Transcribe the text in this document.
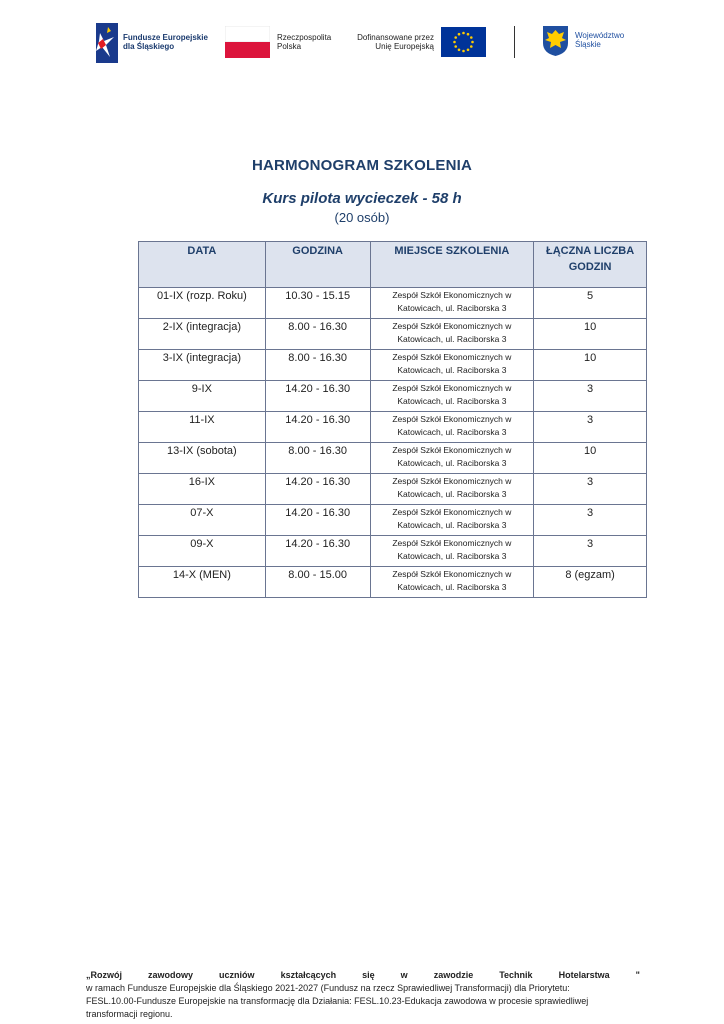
Fundusze Europejskie
dla Śląskiego
Rzeczpospolita
Polska
Dofinansowane przez
Unię Europejską
Województwo
Śląskie
HARMONOGRAM SZKOLENIA
Kurs pilota wycieczek - 58 h
(20 osób)
DATA	GODZINA	MIEJSCE SZKOLENIA	ŁĄCZNA LICZBA
GODZIN

01-IX (rozp. Roku)	10.30 - 15.15	Zespół Szkół Ekonomicznych w
Katowicach, ul. Raciborska 3	5
2-IX (integracja)	8.00 - 16.30	Zespół Szkół Ekonomicznych w
Katowicach, ul. Raciborska 3	10
3-IX (integracja)	8.00 - 16.30	Zespół Szkół Ekonomicznych w
Katowicach, ul. Raciborska 3	10
9-IX	14.20 - 16.30	Zespół Szkół Ekonomicznych w
Katowicach, ul. Raciborska 3	3
11-IX	14.20 - 16.30	Zespół Szkół Ekonomicznych w
Katowicach, ul. Raciborska 3	3
13-IX (sobota)	8.00 - 16.30	Zespół Szkół Ekonomicznych w
Katowicach, ul. Raciborska 3	10
16-IX	14.20 - 16.30	Zespół Szkół Ekonomicznych w
Katowicach, ul. Raciborska 3	3
07-X	14.20 - 16.30	Zespół Szkół Ekonomicznych w
Katowicach, ul. Raciborska 3	3
09-X	14.20 - 16.30	Zespół Szkół Ekonomicznych w
Katowicach, ul. Raciborska 3	3
14-X (MEN)	8.00 - 15.00	Zespół Szkół Ekonomicznych w
Katowicach, ul. Raciborska 3	8 (egzam)
„Rozwój	zawodowy	uczniów	kształcących	się	w	zawodzie	Technik	Hotelarstwa	"
w ramach Fundusze Europejskie dla Śląskiego 2021-2027 (Fundusz na rzecz Sprawiedliwej Transformacji) dla Priorytetu:
FESL.10.00-Fundusze Europejskie na transformację dla Działania: FESL.10.23-Edukacja zawodowa w procesie sprawiedliwej
transformacji regionu.
